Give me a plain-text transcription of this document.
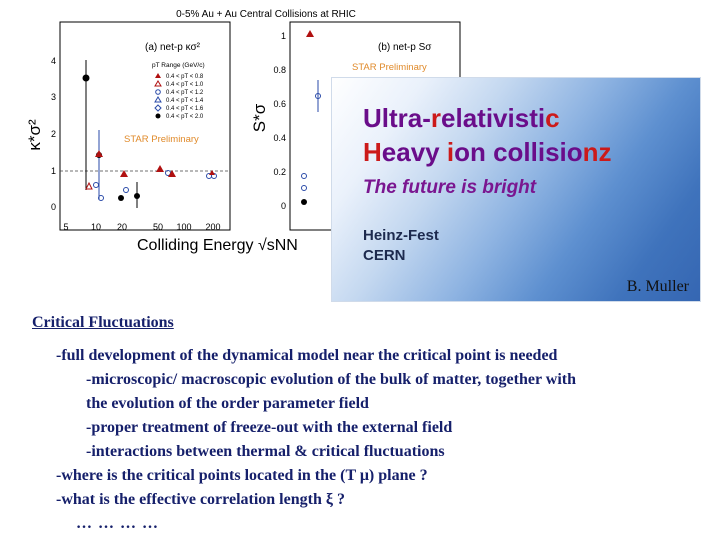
0-5% Au + Au Central Collisions at RHIC
(a) net-p κσ²	(b) net-p Sσ
pT Range (GeV/c)
0.4 < pT < 0.8
0.4 < pT < 1.0
0.4 < pT < 1.2
0.4 < pT < 1.4
0.4 < pT < 1.6
0.4 < pT < 2.0
STAR Preliminary
STAR Preliminary
κ*σ²
S*σ
4
3
2
1
0
1
0.8
0.6
0.4
0.2
0
5 10 20	50 100 200
Colliding Energy √sNN
Ultra-relativistic
Heavy ion collisionz
The future is bright
Heinz-Fest
CERN
B. Muller
Critical Fluctuations
-full development of the dynamical model near the critical point is needed
-microscopic/ macroscopic evolution of the bulk of matter, together with
the evolution of the order parameter field
-proper treatment of freeze-out with the external field
-interactions between thermal & critical fluctuations
-where is the critical points located in the (T μ) plane ?
-what is the effective correlation length ξ ?
… … … …
